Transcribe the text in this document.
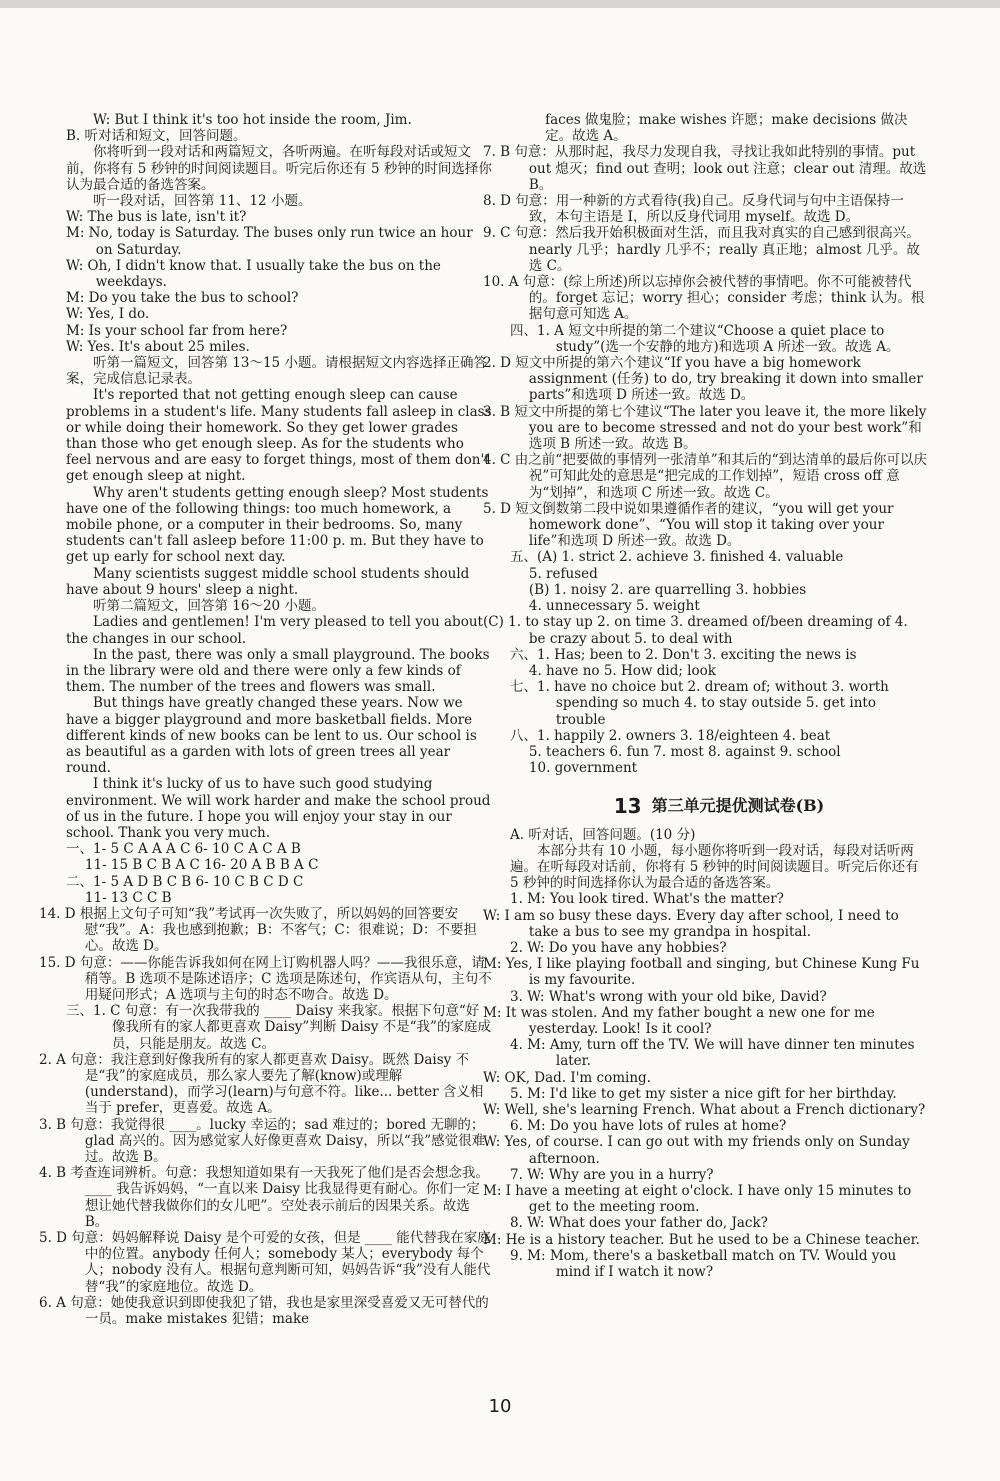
W: But I think it's too hot inside the room, Jim.

B. 听对话和短文，回答问题。

你将听到一段对话和两篇短文，各听两遍。在听每段对话或短文前，你将有 5 秒钟的时间阅读题目。听完后你还有 5 秒钟的时间选择你认为最合适的备选答案。

听一段对话，回答第 11、12 小题。

W: The bus is late, isn't it?

M: No, today is Saturday. The buses only run twice an hour on Saturday.

W: Oh, I didn't know that. I usually take the bus on the weekdays.

M: Do you take the bus to school?

W: Yes, I do.

M: Is your school far from here?

W: Yes. It's about 25 miles.

听第一篇短文，回答第 13～15 小题。请根据短文内容选择正确答案，完成信息记录表。

It's reported that not getting enough sleep can cause problems in a student's life. Many students fall asleep in class or while doing their homework. So they get lower grades than those who get enough sleep. As for the students who feel nervous and are easy to forget things, most of them don't get enough sleep at night.

Why aren't students getting enough sleep? Most students have one of the following things: too much homework, a mobile phone, or a computer in their bedrooms. So, many students can't fall asleep before 11:00 p. m. But they have to get up early for school next day.

Many scientists suggest middle school students should have about 9 hours' sleep a night.

听第二篇短文，回答第 16～20 小题。

Ladies and gentlemen! I'm very pleased to tell you about the changes in our school.

In the past, there was only a small playground. The books in the library were old and there were only a few kinds of them. The number of the trees and flowers was small.

But things have greatly changed these years. Now we have a bigger playground and more basketball fields. More different kinds of new books can be lent to us. Our school is as beautiful as a garden with lots of green trees all year round.

I think it's lucky of us to have such good studying environment. We will work harder and make the school proud of us in the future. I hope you will enjoy your stay in our school. Thank you very much.

一、1- 5 C A A A C 6- 10 C A C A B

11- 15 B C B A C 16- 20 A B B A C

二、1- 5 A D B C B 6- 10 C B C D C

11- 13 C C B

14. D 根据上文句子可知“我”考试再一次失败了，所以妈妈的回答要安慰“我”。A：我也感到抱歉；B：不客气；C：很难说；D：不要担心。故选 D。

15. D 句意：——你能告诉我如何在网上订购机器人吗？——我很乐意，请稍等。B 选项不是陈述语序；C 选项是陈述句，作宾语从句，主句不用疑问形式；A 选项与主句的时态不吻合。故选 D。

三、1. C 句意：有一次我带我的 ____ Daisy 来我家。根据下句意“好像我所有的家人都更喜欢 Daisy”判断 Daisy 不是“我”的家庭成员，只能是朋友。故选 C。

2. A 句意：我注意到好像我所有的家人都更喜欢 Daisy。既然 Daisy 不是“我”的家庭成员，那么家人要先了解(know)或理解(understand)，而学习(learn)与句意不符。like... better 含义相当于 prefer，更喜爱。故选 A。

3. B 句意：我觉得很 ____。lucky 幸运的；sad 难过的；bored 无聊的；glad 高兴的。因为感觉家人好像更喜欢 Daisy，所以“我”感觉很难过。故选 B。

4. B 考查连词辨析。句意：我想知道如果有一天我死了他们是否会想念我。____ 我告诉妈妈，“一直以来 Daisy 比我显得更有耐心。你们一定想让她代替我做你们的女儿吧”。空处表示前后的因果关系。故选 B。

5. D 句意：妈妈解释说 Daisy 是个可爱的女孩，但是 ____ 能代替我在家庭中的位置。anybody 任何人；somebody 某人；everybody 每个人；nobody 没有人。根据句意判断可知，妈妈告诉“我”没有人能代替“我”的家庭地位。故选 D。

6. A 句意：她使我意识到即使我犯了错，我也是家里深受喜爱又无可替代的一员。make mistakes 犯错；make

faces 做鬼脸；make wishes 许愿；make decisions 做决定。故选 A。

7. B 句意：从那时起，我尽力发现自我，寻找让我如此特别的事情。put out 熄灭；find out 查明；look out 注意；clear out 清理。故选 B。

8. D 句意：用一种新的方式看待(我)自己。反身代词与句中主语保持一致，本句主语是 I，所以反身代词用 myself。故选 D。

9. C 句意：然后我开始积极面对生活，而且我对真实的自己感到很高兴。nearly 几乎；hardly 几乎不；really 真正地；almost 几乎。故选 C。

10. A 句意：(综上所述)所以忘掉你会被代替的事情吧。你不可能被替代的。forget 忘记；worry 担心；consider 考虑；think 认为。根据句意可知选 A。

四、1. A 短文中所提的第二个建议“Choose a quiet place to study”(选一个安静的地方)和选项 A 所述一致。故选 A。

2. D 短文中所提的第六个建议“If you have a big homework assignment (任务) to do, try breaking it down into smaller parts”和选项 D 所述一致。故选 D。

3. B 短文中所提的第七个建议“The later you leave it, the more likely you are to become stressed and not do your best work”和选项 B 所述一致。故选 B。

4. C 由之前“把要做的事情列一张清单”和其后的“到达清单的最后你可以庆祝”可知此处的意思是“把完成的工作划掉”，短语 cross off 意为“划掉”，和选项 C 所述一致。故选 C。

5. D 短文倒数第二段中说如果遵循作者的建议，“you will get your homework done”、“You will stop it taking over your life”和选项 D 所述一致。故选 D。

五、(A) 1. strict 2. achieve 3. finished 4. valuable

5. refused

(B) 1. noisy 2. are quarrelling 3. hobbies

4. unnecessary 5. weight

(C) 1. to stay up 2. on time 3. dreamed of/been dreaming of 4. be crazy about 5. to deal with

六、1. Has; been to 2. Don't 3. exciting the news is

4. have no 5. How did; look

七、1. have no choice but 2. dream of; without 3. worth spending so much 4. to stay outside 5. get into trouble

八、1. happily 2. owners 3. 18/eighteen 4. beat

5. teachers 6. fun 7. most 8. against 9. school

10. government

13 第三单元提优测试卷(B)

A. 听对话，回答问题。(10 分)

本部分共有 10 小题，每小题你将听到一段对话，每段对话听两遍。在听每段对话前，你将有 5 秒钟的时间阅读题目。听完后你还有 5 秒钟的时间选择你认为最合适的备选答案。

1. M: You look tired. What's the matter?

W: I am so busy these days. Every day after school, I need to take a bus to see my grandpa in hospital.

2. W: Do you have any hobbies?

M: Yes, I like playing football and singing, but Chinese Kung Fu is my favourite.

3. W: What's wrong with your old bike, David?

M: It was stolen. And my father bought a new one for me yesterday. Look! Is it cool?

4. M: Amy, turn off the TV. We will have dinner ten minutes later.

W: OK, Dad. I'm coming.

5. M: I'd like to get my sister a nice gift for her birthday.

W: Well, she's learning French. What about a French dictionary?

6. M: Do you have lots of rules at home?

W: Yes, of course. I can go out with my friends only on Sunday afternoon.

7. W: Why are you in a hurry?

M: I have a meeting at eight o'clock. I have only 15 minutes to get to the meeting room.

8. W: What does your father do, Jack?

M: He is a history teacher. But he used to be a Chinese teacher.

9. M: Mom, there's a basketball match on TV. Would you mind if I watch it now?

10
